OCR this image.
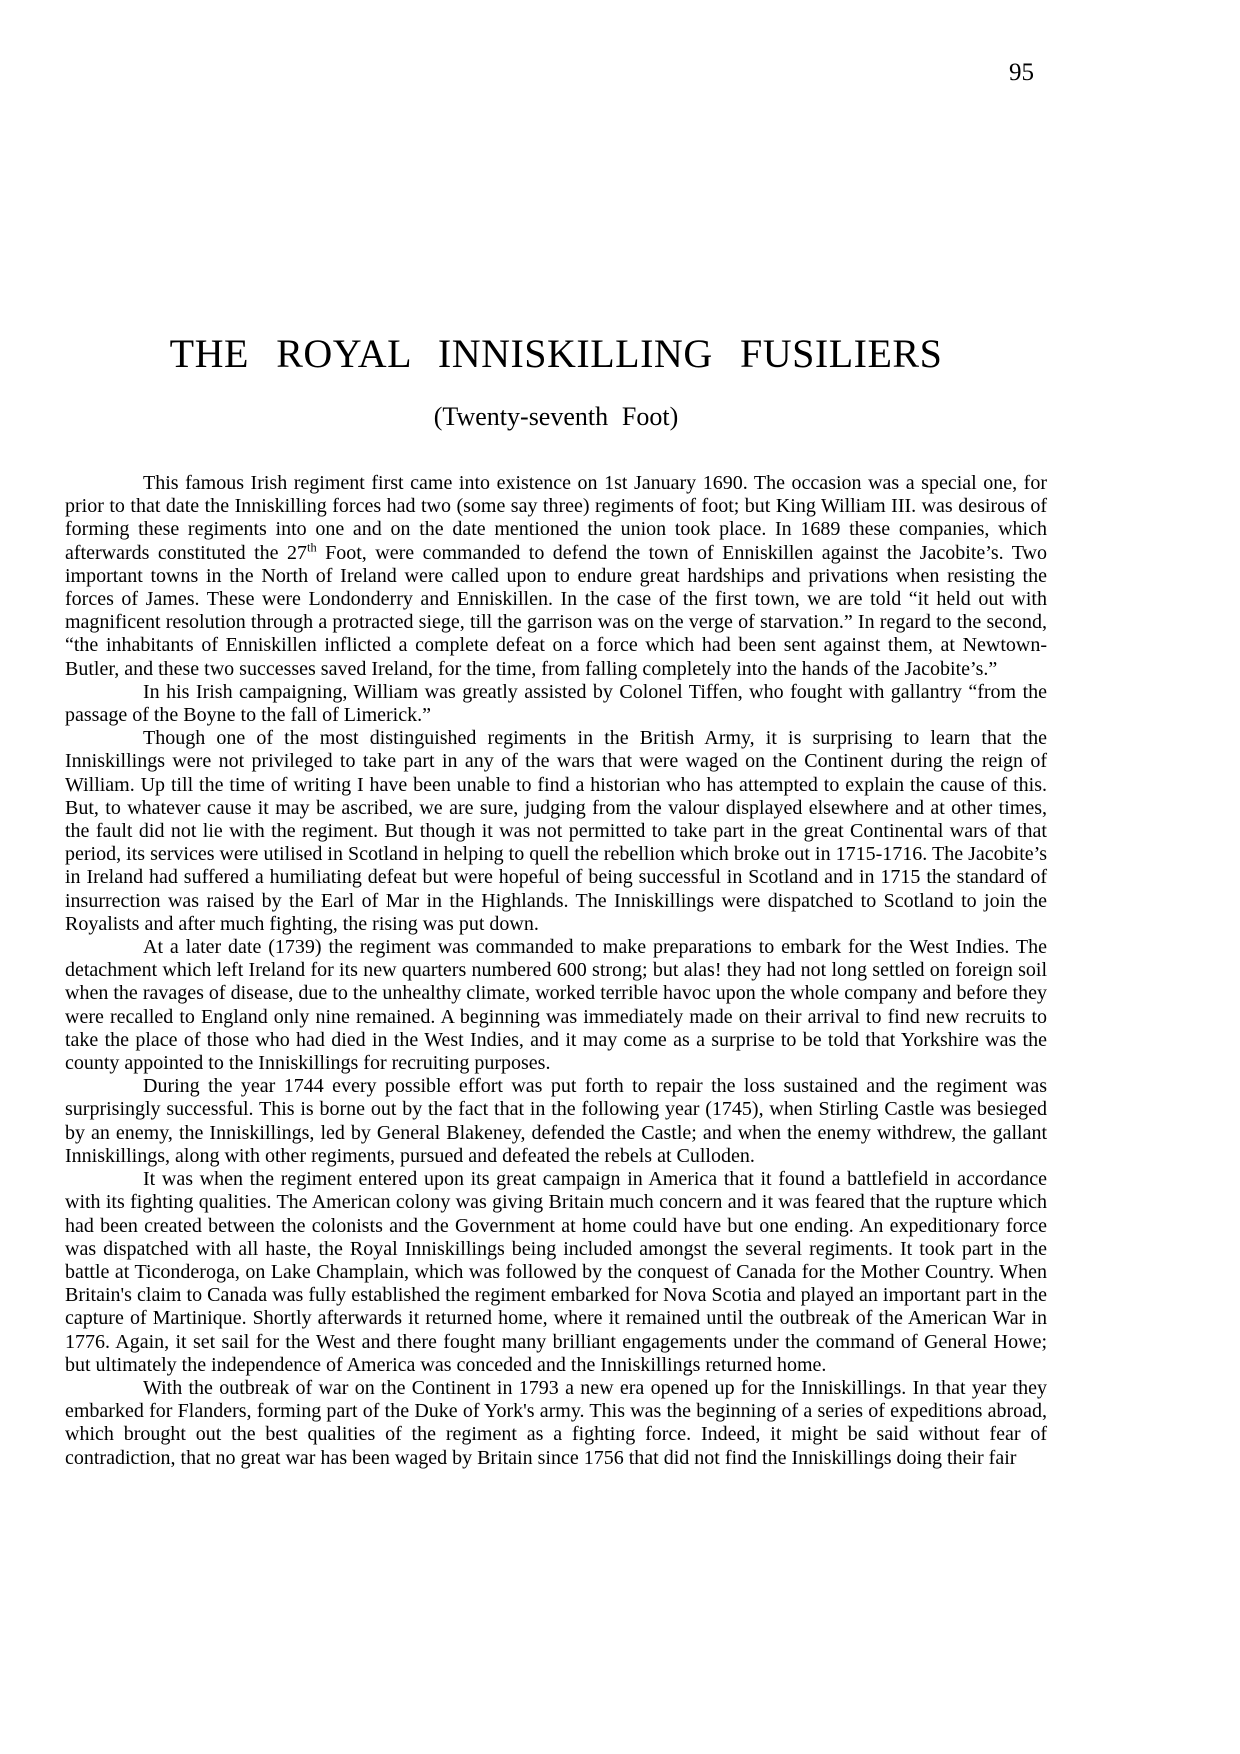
95
THE ROYAL INNISKILLING FUSILIERS
(Twenty-seventh Foot)

This famous Irish regiment first came into existence on 1st January 1690. The occasion was a special one, for prior to that date the Inniskilling forces had two (some say three) regiments of foot; but King William III. was desirous of forming these regiments into one and on the date mentioned the union took place. In 1689 these companies, which afterwards constituted the 27th Foot, were commanded to defend the town of Enniskillen against the Jacobite’s. Two important towns in the North of Ireland were called upon to endure great hardships and privations when resisting the forces of James. These were Londonderry and Enniskillen. In the case of the first town, we are told “it held out with magnificent resolution through a protracted siege, till the garrison was on the verge of starvation.” In regard to the second, “the inhabitants of Enniskillen inflicted a complete defeat on a force which had been sent against them, at Newtown-Butler, and these two successes saved Ireland, for the time, from falling completely into the hands of the Jacobite’s.”

In his Irish campaigning, William was greatly assisted by Colonel Tiffen, who fought with gallantry “from the passage of the Boyne to the fall of Limerick.”

Though one of the most distinguished regiments in the British Army, it is surprising to learn that the Inniskillings were not privileged to take part in any of the wars that were waged on the Continent during the reign of William. Up till the time of writing I have been unable to find a historian who has attempted to explain the cause of this. But, to whatever cause it may be ascribed, we are sure, judging from the valour displayed elsewhere and at other times, the fault did not lie with the regiment. But though it was not permitted to take part in the great Continental wars of that period, its services were utilised in Scotland in helping to quell the rebellion which broke out in 1715-1716. The Jacobite’s in Ireland had suffered a humiliating defeat but were hopeful of being successful in Scotland and in 1715 the standard of insurrection was raised by the Earl of Mar in the Highlands. The Inniskillings were dispatched to Scotland to join the Royalists and after much fighting, the rising was put down.

At a later date (1739) the regiment was commanded to make preparations to embark for the West Indies. The detachment which left Ireland for its new quarters numbered 600 strong; but alas! they had not long settled on foreign soil when the ravages of disease, due to the unhealthy climate, worked terrible havoc upon the whole company and before they were recalled to England only nine remained. A beginning was immediately made on their arrival to find new recruits to take the place of those who had died in the West Indies, and it may come as a surprise to be told that Yorkshire was the county appointed to the Inniskillings for recruiting purposes.

During the year 1744 every possible effort was put forth to repair the loss sustained and the regiment was surprisingly successful. This is borne out by the fact that in the following year (1745), when Stirling Castle was besieged by an enemy, the Inniskillings, led by General Blakeney, defended the Castle; and when the enemy withdrew, the gallant Inniskillings, along with other regiments, pursued and defeated the rebels at Culloden.

It was when the regiment entered upon its great campaign in America that it found a battlefield in accordance with its fighting qualities. The American colony was giving Britain much concern and it was feared that the rupture which had been created between the colonists and the Government at home could have but one ending. An expeditionary force was dispatched with all haste, the Royal Inniskillings being included amongst the several regiments. It took part in the battle at Ticonderoga, on Lake Champlain, which was followed by the conquest of Canada for the Mother Country. When Britain's claim to Canada was fully established the regiment embarked for Nova Scotia and played an important part in the capture of Martinique. Shortly afterwards it returned home, where it remained until the outbreak of the American War in 1776. Again, it set sail for the West and there fought many brilliant engagements under the command of General Howe; but ultimately the independence of America was conceded and the Inniskillings returned home.

With the outbreak of war on the Continent in 1793 a new era opened up for the Inniskillings. In that year they embarked for Flanders, forming part of the Duke of York's army. This was the beginning of a series of expeditions abroad, which brought out the best qualities of the regiment as a fighting force. Indeed, it might be said without fear of contradiction, that no great war has been waged by Britain since 1756 that did not find the Inniskillings doing their fair
